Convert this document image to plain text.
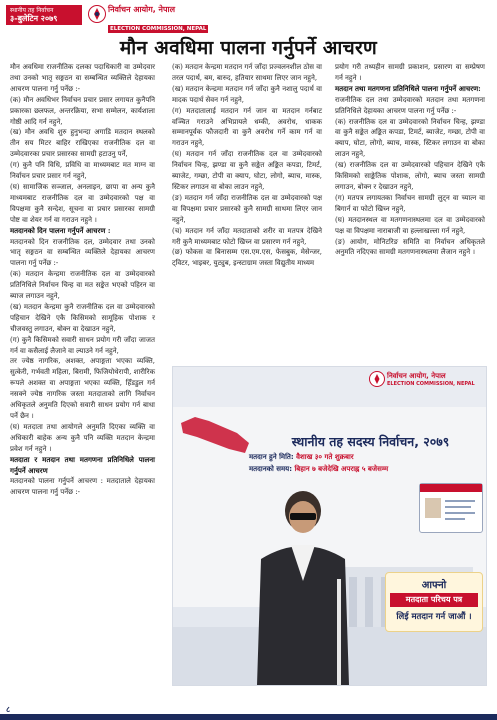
स्थानीय तह निर्वाचन
३-बुलेटिन २०७९
निर्वाचन आयोग, नेपाल
ELECTION COMMISSION, NEPAL
मौन अवधिमा पालना गर्नुपर्ने आचरण

मौन अवधिमा राजनीतिक दलका पदाधिकारी वा उम्मेदवार तथा उनको भातृ सङ्गठन वा सम्बन्धित व्यक्तिले देहायका आचरण पालना गर्नु पर्नेछ :-

(क) मौन अवधिभर निर्वाचन प्रचार प्रसार लगायत कुनैपनि प्रकारका छलफल, अन्तरक्रिया, सभा सम्मेलन, कार्यशाला गोष्ठी आदि गर्न नहुने,

(ख) मौन अवधि शुरु हुनुभन्दा अगाडि मतदान स्थलको तीन सय मिटर बाहिर राखिएका राजनीतिक दल वा उम्मेदवारका प्रचार प्रसारका सामग्री हटाउनु पर्ने,

(ग) कुनै पनि विधि, प्रविधि वा माध्यमबाट मत माग्न वा निर्वाचन प्रचार प्रसार गर्न नहुने,

(घ) सामाजिक सञ्जाल, अनलाइन, छापा वा अन्य कुनै माध्यमबाट राजनीतिक दल वा उम्मेदवारको पक्ष वा विपक्षमा कुनै सन्देश, सूचना वा प्रचार प्रसारका सामग्री पोष्ट वा शेयर गर्न वा गराउन नहुने ।

मतदानको दिन पालना गर्नुपर्ने आचरण :

मतदानको दिन राजनीतिक दल, उम्मेदवार तथा उनको भातृ सङ्गठन वा सम्बन्धित व्यक्तिले देहायका आचरण पालना गर्नु पर्नेछ :-

(क) मतदान केन्द्रमा राजनीतिक दल वा उम्मेदवारको प्रतिनिधिले निर्वाचन चिन्ह वा मत सङ्केत भएको पहिरन वा ब्याज लगाउन नहुने,

(ख) मतदान केन्द्रमा कुनै राजनीतिक दल वा उम्मेदवारको पहिचान देखिने एकै किसिमको सामूहिक पोशाक र चीजवस्तु लगाउन, बोक्न वा देखाउन नहुने,

(ग) कुनै किसिमको सवारी साधन प्रयोग गरी जाँदा जाजत गर्न वा कसैलाई लैजाने वा ल्याउने गर्न नहुने,

तर ज्येष्ठ नागरिक, अशक्त, अपाङ्गता भएका व्यक्ति, सुत्केरी, गर्भवती महिला, बिरामी, फिजियोथेरापी, शारीरिक रूपले अशक्त वा अपाङ्गता भएका व्यक्ति, हिँडडुल गर्न नसक्ने ज्येष्ठ नागरिक जस्ता मतदाताको लागि निर्वाचन अधिकृतले अनुमति दिएको सवारी साधन प्रयोग गर्न बाधा पर्ने छैन ।

(घ) मतदाता तथा आयोगले अनुमति दिएका व्यक्ति वा अधिकारी बाहेक अन्य कुनै पनि व्यक्ति मतदान केन्द्रमा प्रवेश गर्न नहुने ।

मतदाता र मतदान तथा मतगणना प्रतिनिधिले पालना गर्नुपर्ने आचरण

मतदानको पालना गर्नुपर्ने आचरण : मतदाताले देहायका आचरण पालना गर्नु पर्नेछ :-

(क) मतदान केन्द्रमा मतदान गर्न जाँदा प्रज्वलनशील ठोस वा तरल पदार्थ, बम, बारुद, हतियार साथमा लिएर जान नहुने,

(ख) मतदान केन्द्रमा मतदान गर्न जाँदा कुनै नशालु पदार्थ वा मादक पदार्थ सेवन गर्न नहुने,

(ग) मतदातालाई मतदान गर्न जान वा मतदान गर्नबाट वञ्चित गराउने अभिप्रायले धम्की, अवरोध, धाकक सम्मानपूर्वक फौजदारी वा कुनै अवरोध गर्ने काम गर्न वा गराउन नहुने,

(घ) मतदान गर्न जाँदा राजनीतिक दल वा उम्मेदवारको निर्वाचन चिन्ह, झण्डा वा कुनै सङ्केत अङ्कित कपडा, टिमर्ट, ब्याजेट, गम्छा, टोपी वा क्याप, घोटा, लोगो, ब्याच, मास्क, स्टिकर लगाउन वा बोका लाउन नहुने,

(ङ) मतदान गर्न जाँदा राजनीतिक दल वा उम्मेदवारको पक्ष वा विपक्षमा प्रचार प्रसारको कुनै सामग्री साथमा लिएर जान नहुने,

(च) मतदान गर्न जाँदा मतदाताको शरीर वा मतपत्र देखिने गरी कुनै माध्यमबाट फोटो खिच्न वा प्रसारण गर्न नहुने,

(छ) फोकस वा बिनासम्म एस.एम.एस, फेसबुक, मेसेन्जर, ट्विटर, भाइबर, युट्युब, इन्स्टाग्राम जस्ता विद्युतीय माध्यम

प्रयोग गरी तथ्यहीन सामग्री प्रकाशन, प्रसारण वा सम्प्रेषण गर्न नहुने ।

मतदान तथा मतगणना प्रतिनिधिले पालना गर्नुपर्ने आचरण:

राजनीतिक दल तथा उम्मेदवारको मतदान तथा मतगणना प्रतिनिधिले देहायका आचरण पालना गर्नु पर्नेछ :-

(क) राजनीतिक दल वा उम्मेदवारको निर्वाचन चिन्ह, झण्डा वा कुनै सङ्केत अङ्कित कपडा, टिमर्ट, ब्याजेट, गम्छा, टोपी वा क्याप, घोटा, लोगो, ब्याच, मास्क, स्टिकर लगाउन वा बोका लाउन नहुने,

(ख) राजनीतिक दल वा उम्मेदवारको पहिचान देखिने एकै किसिमको साङ्केतिक पोशाक, लोगो, ब्याच जस्ता सामग्री लगाउन, बोक्न र देखाउन नहुने,

(ग) मतपत्र लगायतका निर्वाचन सामग्री लुट्न वा च्यात्न वा बिगार्न वा फोटो खिच्न नहुने,

(घ) मतदानस्थल वा मतगणनास्थलमा दल वा उम्मेदवारको पक्ष वा विपक्षमा नाराबाजी वा हल्लाखल्ला गर्न नहुने,

(ङ) आयोग, मोनिटरिङ समिति वा निर्वाचन अधिकृतले अनुमति नदिएका सामग्री मतगणनास्थलमा लैजान नहुने ।

निर्वाचन आयोग, नेपाल
ELECTION COMMISSION, NEPAL
स्थानीय तह सदस्य निर्वाचन, २०७९
मतदान हुने मिति: वैशाख ३० गते शुक्रबार
मतदानको समय: बिहान ७ बजेदेखि अपराह्न ५ बजेसम्म
आफ्नो
मतदाता परिचय पत्र
लिई मतदान गर्न जाऔं ।
८
